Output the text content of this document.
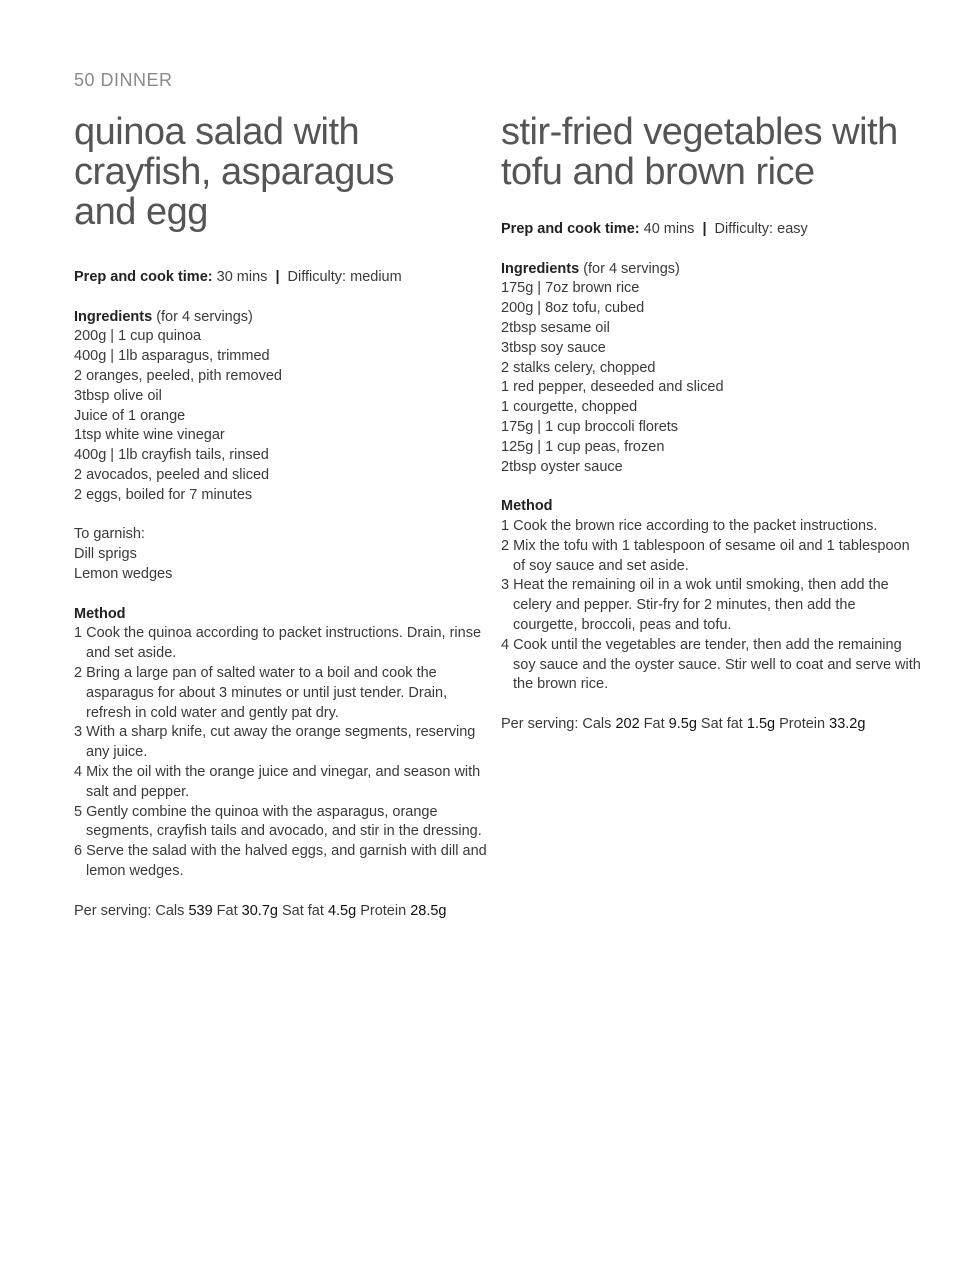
50 DINNER
quinoa salad with
crayfish, asparagus
and egg

Prep and cook time: 30 mins | Difficulty: medium

Ingredients (for 4 servings)

200g | 1 cup quinoa

400g | 1lb asparagus, trimmed

2 oranges, peeled, pith removed

3tbsp olive oil

Juice of 1 orange

1tsp white wine vinegar

400g | 1lb crayfish tails, rinsed

2 avocados, peeled and sliced

2 eggs, boiled for 7 minutes

To garnish:

Dill sprigs

Lemon wedges

Method

1 Cook the quinoa according to packet instructions. Drain, rinse and set aside.

2 Bring a large pan of salted water to a boil and cook the asparagus for about 3 minutes or until just tender. Drain, refresh in cold water and gently pat dry.

3 With a sharp knife, cut away the orange segments, reserving any juice.

4 Mix the oil with the orange juice and vinegar, and season with salt and pepper.

5 Gently combine the quinoa with the asparagus, orange segments, crayfish tails and avocado, and stir in the dressing.

6 Serve the salad with the halved eggs, and garnish with dill and lemon wedges.

Per serving: Cals 539 Fat 30.7g Sat fat 4.5g Protein 28.5g
stir-fried vegetables with
tofu and brown rice

Prep and cook time: 40 mins | Difficulty: easy

Ingredients (for 4 servings)

175g | 7oz brown rice

200g | 8oz tofu, cubed

2tbsp sesame oil

3tbsp soy sauce

2 stalks celery, chopped

1 red pepper, deseeded and sliced

1 courgette, chopped

175g | 1 cup broccoli florets

125g | 1 cup peas, frozen

2tbsp oyster sauce

Method

1 Cook the brown rice according to the packet instructions.

2 Mix the tofu with 1 tablespoon of sesame oil and 1 tablespoon of soy sauce and set aside.

3 Heat the remaining oil in a wok until smoking, then add the celery and pepper. Stir-fry for 2 minutes, then add the courgette, broccoli, peas and tofu.

4 Cook until the vegetables are tender, then add the remaining soy sauce and the oyster sauce. Stir well to coat and serve with the brown rice.

Per serving: Cals 202 Fat 9.5g Sat fat 1.5g Protein 33.2g
